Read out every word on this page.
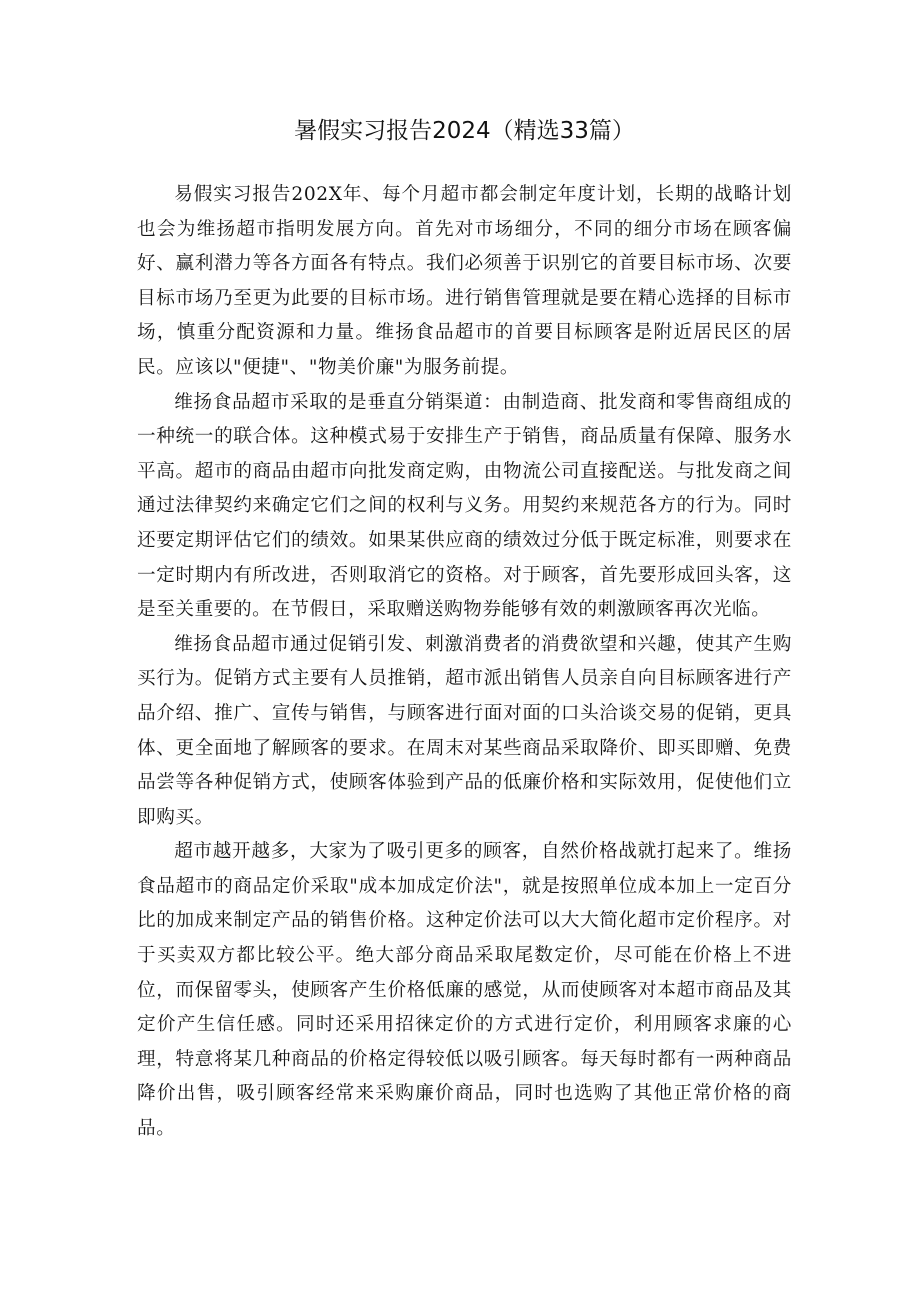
暑假实习报告2024（精选33篇）

易假实习报告202X年、每个月超市都会制定年度计划，长期的战略计划也会为维扬超市指明发展方向。首先对市场细分，不同的细分市场在顾客偏好、赢利潜力等各方面各有特点。我们必须善于识别它的首要目标市场、次要目标市场乃至更为此要的目标市场。进行销售管理就是要在精心选择的目标市场，慎重分配资源和力量。维扬食品超市的首要目标顾客是附近居民区的居民。应该以"便捷"、"物美价廉"为服务前提。

维扬食品超市采取的是垂直分销渠道：由制造商、批发商和零售商组成的一种统一的联合体。这种模式易于安排生产于销售，商品质量有保障、服务水平高。超市的商品由超市向批发商定购，由物流公司直接配送。与批发商之间通过法律契约来确定它们之间的权利与义务。用契约来规范各方的行为。同时还要定期评估它们的绩效。如果某供应商的绩效过分低于既定标准，则要求在一定时期内有所改进，否则取消它的资格。对于顾客，首先要形成回头客，这是至关重要的。在节假日，采取赠送购物券能够有效的刺激顾客再次光临。

维扬食品超市通过促销引发、刺激消费者的消费欲望和兴趣，使其产生购买行为。促销方式主要有人员推销，超市派出销售人员亲自向目标顾客进行产品介绍、推广、宣传与销售，与顾客进行面对面的口头洽谈交易的促销，更具体、更全面地了解顾客的要求。在周末对某些商品采取降价、即买即赠、免费品尝等各种促销方式，使顾客体验到产品的低廉价格和实际效用，促使他们立即购买。

超市越开越多，大家为了吸引更多的顾客，自然价格战就打起来了。维扬食品超市的商品定价采取"成本加成定价法"，就是按照单位成本加上一定百分比的加成来制定产品的销售价格。这种定价法可以大大简化超市定价程序。对于买卖双方都比较公平。绝大部分商品采取尾数定价，尽可能在价格上不进位，而保留零头，使顾客产生价格低廉的感觉，从而使顾客对本超市商品及其定价产生信任感。同时还采用招徕定价的方式进行定价，利用顾客求廉的心理，特意将某几种商品的价格定得较低以吸引顾客。每天每时都有一两种商品降价出售，吸引顾客经常来采购廉价商品，同时也选购了其他正常价格的商品。
